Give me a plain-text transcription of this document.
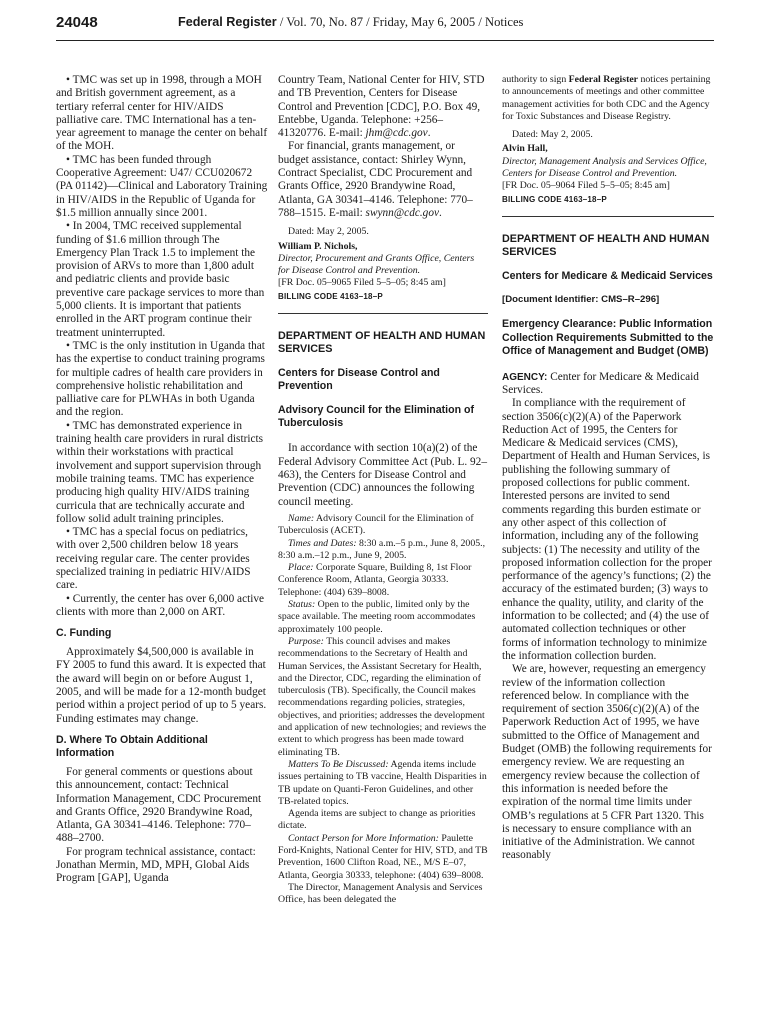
24048	Federal Register / Vol. 70, No. 87 / Friday, May 6, 2005 / Notices

• TMC was set up in 1998, through a MOH and British government agreement, as a tertiary referral center for HIV/AIDS palliative care. TMC International has a ten-year agreement to manage the center on behalf of the MOH.

• TMC has been funded through Cooperative Agreement: U47/ CCU020672 (PA 01142)—Clinical and Laboratory Training in HIV/AIDS in the Republic of Uganda for $1.5 million annually since 2001.

• In 2004, TMC received supplemental funding of $1.6 million through The Emergency Plan Track 1.5 to implement the provision of ARVs to more than 1,800 adult and pediatric clients and provide basic preventive care package services to more than 5,000 clients. It is important that patients enrolled in the ART program continue their treatment uninterrupted.

• TMC is the only institution in Uganda that has the expertise to conduct training programs for multiple cadres of health care providers in comprehensive holistic rehabilitation and palliative care for PLWHAs in both Uganda and the region.

• TMC has demonstrated experience in training health care providers in rural districts within their workstations with practical involvement and support supervision through mobile training teams. TMC has experience producing high quality HIV/AIDS training curricula that are technically accurate and follow solid adult training principles.

• TMC has a special focus on pediatrics, with over 2,500 children below 18 years receiving regular care. The center provides specialized training in pediatric HIV/AIDS care.

• Currently, the center has over 6,000 active clients with more than 2,000 on ART.

C. Funding

Approximately $4,500,000 is available in FY 2005 to fund this award. It is expected that the award will begin on or before August 1, 2005, and will be made for a 12-month budget period within a project period of up to 5 years. Funding estimates may change.

D. Where To Obtain Additional Information

For general comments or questions about this announcement, contact: Technical Information Management, CDC Procurement and Grants Office, 2920 Brandywine Road, Atlanta, GA 30341–4146. Telephone: 770–488–2700.

For program technical assistance, contact: Jonathan Mermin, MD, MPH, Global Aids Program [GAP], Uganda

Country Team, National Center for HIV, STD and TB Prevention, Centers for Disease Control and Prevention [CDC], P.O. Box 49, Entebbe, Uganda. Telephone: +256–41320776. E-mail: jhm@cdc.gov.

For financial, grants management, or budget assistance, contact: Shirley Wynn, Contract Specialist, CDC Procurement and Grants Office, 2920 Brandywine Road, Atlanta, GA 30341–4146. Telephone: 770–788–1515. E-mail: swynn@cdc.gov.

Dated: May 2, 2005.
William P. Nichols,
Director, Procurement and Grants Office, Centers for Disease Control and Prevention.
[FR Doc. 05–9065 Filed 5–5–05; 8:45 am]
BILLING CODE 4163–18–P
DEPARTMENT OF HEALTH AND HUMAN SERVICES
Centers for Disease Control and Prevention
Advisory Council for the Elimination of Tuberculosis

In accordance with section 10(a)(2) of the Federal Advisory Committee Act (Pub. L. 92–463), the Centers for Disease Control and Prevention (CDC) announces the following council meeting.

Name: Advisory Council for the Elimination of Tuberculosis (ACET).

Times and Dates: 8:30 a.m.–5 p.m., June 8, 2005., 8:30 a.m.–12 p.m., June 9, 2005.

Place: Corporate Square, Building 8, 1st Floor Conference Room, Atlanta, Georgia 30333. Telephone: (404) 639–8008.

Status: Open to the public, limited only by the space available. The meeting room accommodates approximately 100 people.

Purpose: This council advises and makes recommendations to the Secretary of Health and Human Services, the Assistant Secretary for Health, and the Director, CDC, regarding the elimination of tuberculosis (TB). Specifically, the Council makes recommendations regarding policies, strategies, objectives, and priorities; addresses the development and application of new technologies; and reviews the extent to which progress has been made toward eliminating TB.

Matters To Be Discussed: Agenda items include issues pertaining to TB vaccine, Health Disparities in TB update on Quanti-Feron Guidelines, and other TB-related topics.

Agenda items are subject to change as priorities dictate.

Contact Person for More Information: Paulette Ford-Knights, National Center for HIV, STD, and TB Prevention, 1600 Clifton Road, NE., M/S E–07, Atlanta, Georgia 30333, telephone: (404) 639–8008.

The Director, Management Analysis and Services Office, has been delegated the

authority to sign Federal Register notices pertaining to announcements of meetings and other committee management activities for both CDC and the Agency for Toxic Substances and Disease Registry.

Dated: May 2, 2005.
Alvin Hall,
Director, Management Analysis and Services Office, Centers for Disease Control and Prevention.
[FR Doc. 05–9064 Filed 5–5–05; 8:45 am]
BILLING CODE 4163–18–P
DEPARTMENT OF HEALTH AND HUMAN SERVICES
Centers for Medicare & Medicaid Services
[Document Identifier: CMS–R–296]
Emergency Clearance: Public Information Collection Requirements Submitted to the Office of Management and Budget (OMB)
AGENCY: Center for Medicare & Medicaid Services.

In compliance with the requirement of section 3506(c)(2)(A) of the Paperwork Reduction Act of 1995, the Centers for Medicare & Medicaid services (CMS), Department of Health and Human Services, is publishing the following summary of proposed collections for public comment. Interested persons are invited to send comments regarding this burden estimate or any other aspect of this collection of information, including any of the following subjects: (1) The necessity and utility of the proposed information collection for the proper performance of the agency’s functions; (2) the accuracy of the estimated burden; (3) ways to enhance the quality, utility, and clarity of the information to be collected; and (4) the use of automated collection techniques or other forms of information technology to minimize the information collection burden.

We are, however, requesting an emergency review of the information collection referenced below. In compliance with the requirement of section 3506(c)(2)(A) of the Paperwork Reduction Act of 1995, we have submitted to the Office of Management and Budget (OMB) the following requirements for emergency review. We are requesting an emergency review because the collection of this information is needed before the expiration of the normal time limits under OMB’s regulations at 5 CFR Part 1320. This is necessary to ensure compliance with an initiative of the Administration. We cannot reasonably
